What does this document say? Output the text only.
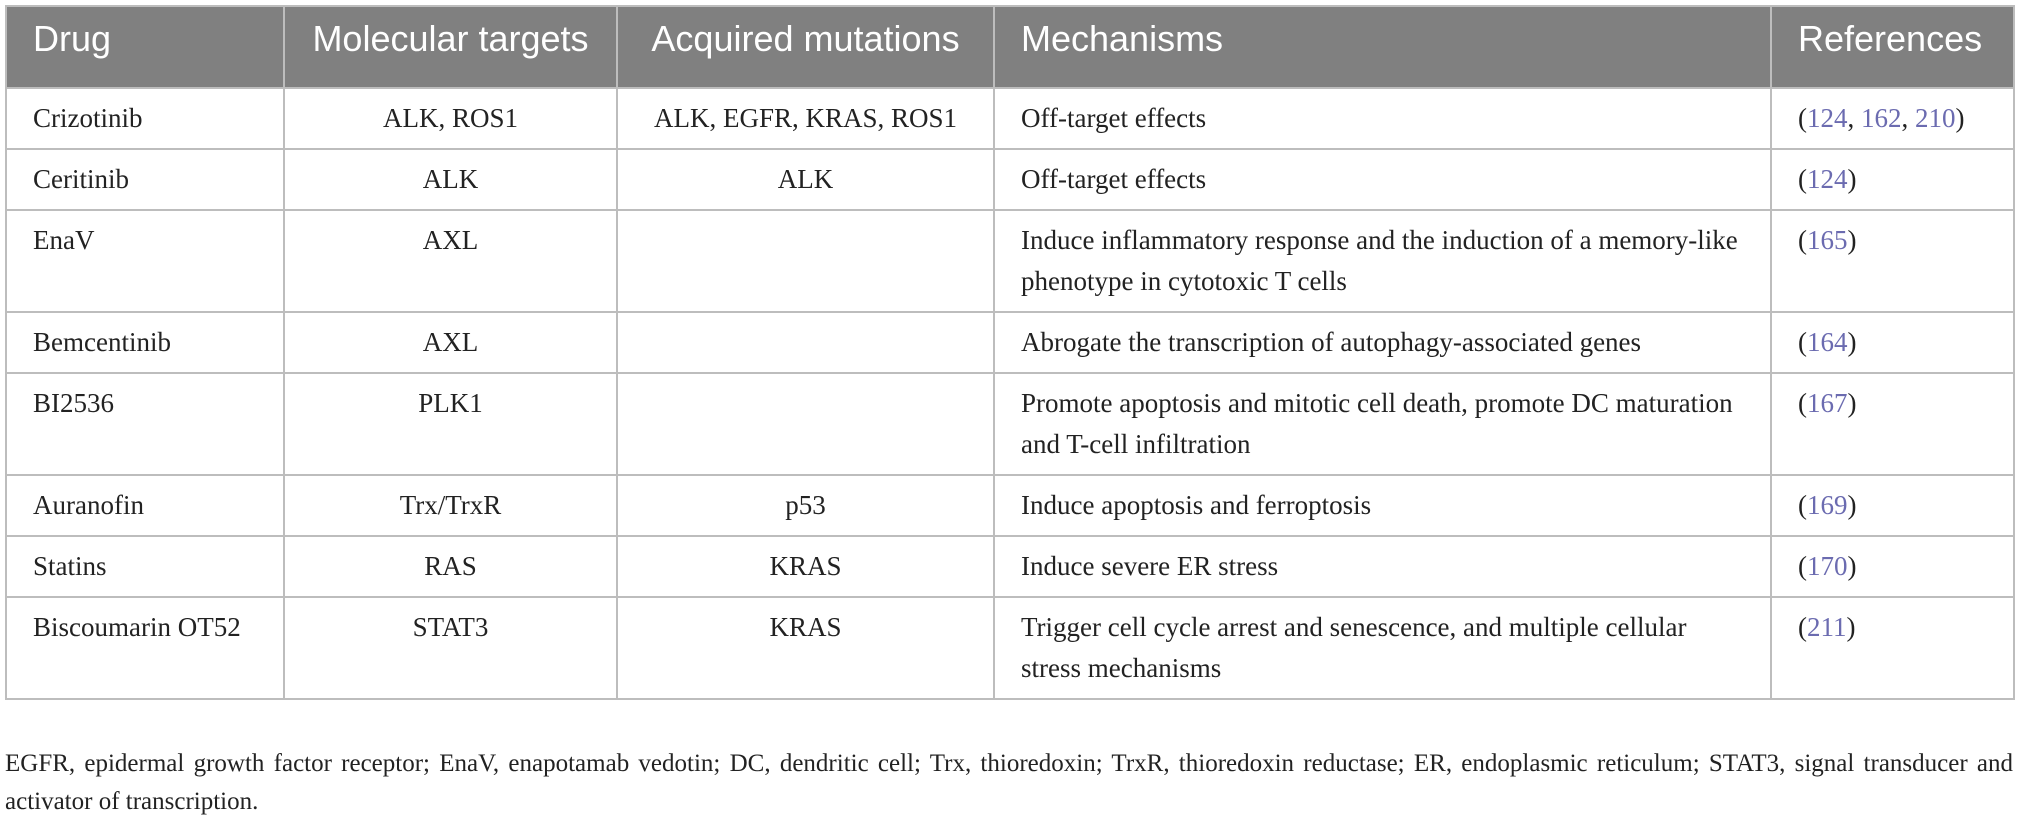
Drug	Molecular targets	Acquired mutations	Mechanisms	References
Crizotinib	ALK, ROS1	ALK, EGFR, KRAS, ROS1	Off-target effects	(124, 162, 210)
Ceritinib	ALK	ALK	Off-target effects	(124)
EnaV	AXL		Induce inflammatory response and the induction of a memory-like phenotype in cytotoxic T cells	(165)
Bemcentinib	AXL		Abrogate the transcription of autophagy-associated genes	(164)
BI2536	PLK1		Promote apoptosis and mitotic cell death, promote DC maturation and T-cell infiltration	(167)
Auranofin	Trx/TrxR	p53	Induce apoptosis and ferroptosis	(169)
Statins	RAS	KRAS	Induce severe ER stress	(170)
Biscoumarin OT52	STAT3	KRAS	Trigger cell cycle arrest and senescence, and multiple cellular stress mechanisms	(211)
EGFR, epidermal growth factor receptor; EnaV, enapotamab vedotin; DC, dendritic cell; Trx, thioredoxin; TrxR, thioredoxin reductase; ER, endoplasmic reticulum; STAT3, signal transducer and activator of transcription.
